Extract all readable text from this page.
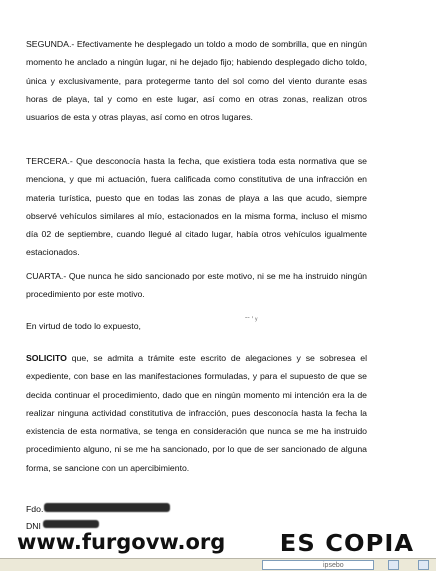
SEGUNDA.- Efectivamente he desplegado un toldo a modo de sombrilla, que en ningún momento he anclado a ningún lugar, ni he dejado fijo; habiendo desplegado dicho toldo, única y exclusivamente, para protegerme tanto del sol como del viento durante esas horas de playa, tal y como en este lugar, así como en otras zonas, realizan otros usuarios de esta y otras playas, así como en otros lugares.

TERCERA.- Que desconocía hasta la fecha, que existiera toda esta normativa que se menciona, y que mi actuación, fuera calificada como constitutiva de una infracción en materia turística, puesto que en todas las zonas de playa a las que acudo, siempre observé vehículos similares al mío, estacionados en la misma forma, incluso el mismo día 02 de septiembre, cuando llegué al citado lugar, había otros vehículos igualmente estacionados.

CUARTA.- Que nunca he sido sancionado por este motivo, ni se me ha instruido ningún procedimiento por este motivo.

En virtud de todo lo expuesto,

ˉˉ ʼ ʸ

SOLICITO que, se admita a trámite este escrito de alegaciones y se sobresea el expediente, con base en las manifestaciones formuladas, y para el supuesto de que se decida continuar el procedimiento, dado que en ningún momento mi intención era la de realizar ninguna actividad constitutiva de infracción, pues desconocía hasta la fecha la existencia de esta normativa, se tenga en consideración que nunca se me ha instruido procedimiento alguno, ni se me ha sancionado, por lo que de ser sancionado de alguna forma, se sancione con un apercibimiento.

Fdo.
DNI
www.furgovw.org ES COPIA
ipsebo
